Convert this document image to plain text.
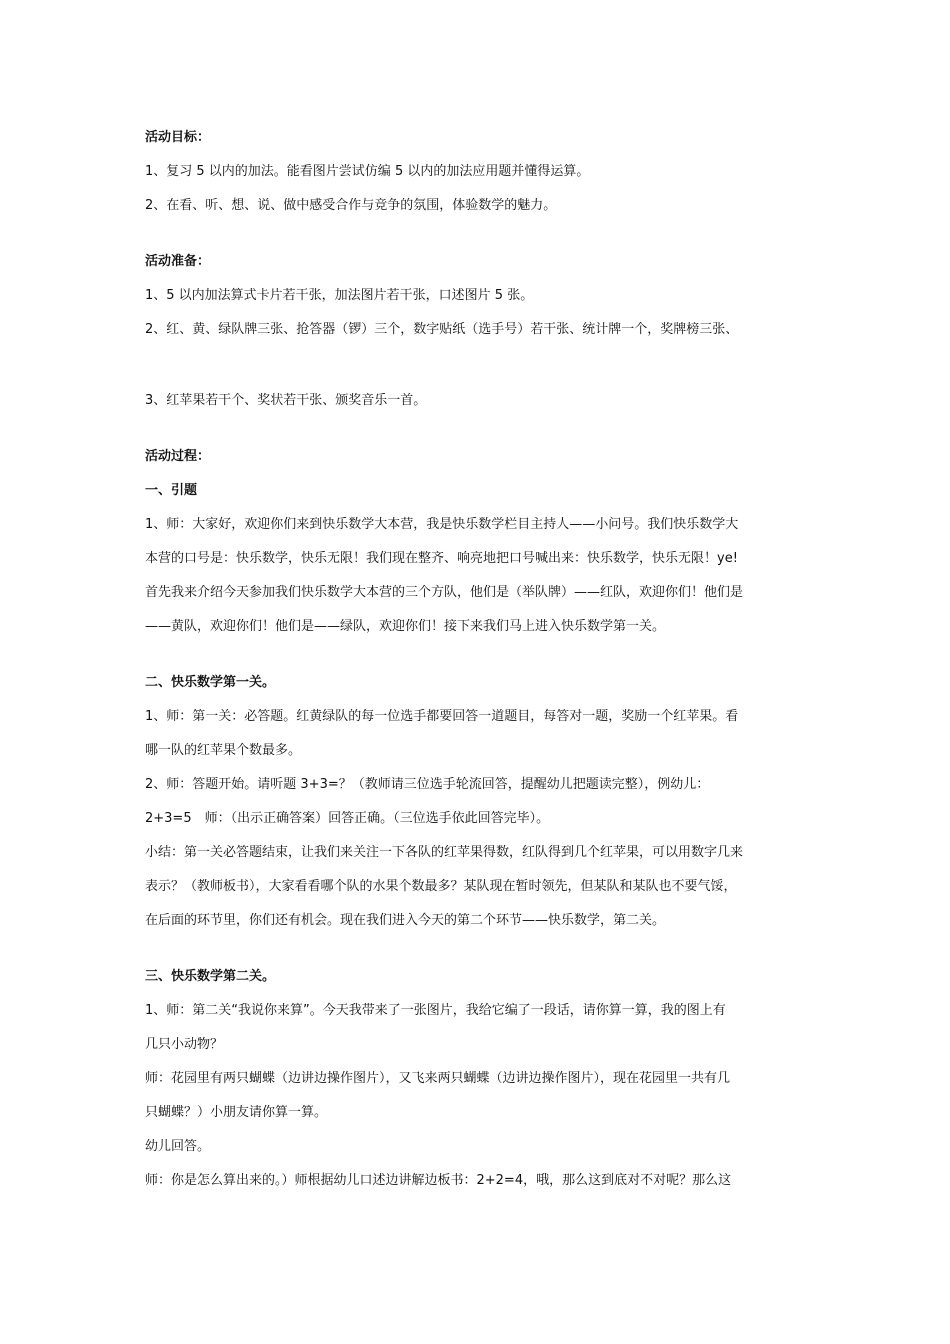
活动目标：
1、复习 5 以内的加法。能看图片尝试仿编 5 以内的加法应用题并懂得运算。
2、在看、听、想、说、做中感受合作与竞争的氛围，体验数学的魅力。
活动准备：
1、5 以内加法算式卡片若干张，加法图片若干张，口述图片 5 张。
2、红、黄、绿队牌三张、抢答器（锣）三个，数字贴纸（选手号）若干张、统计牌一个，奖牌榜三张、
3、红苹果若干个、奖状若干张、颁奖音乐一首。
活动过程：
一、引题
1、师：大家好，欢迎你们来到快乐数学大本营，我是快乐数学栏目主持人——小问号。我们快乐数学大
本营的口号是：快乐数学，快乐无限！我们现在整齐、响亮地把口号喊出来：快乐数学，快乐无限！ye!
首先我来介绍今天参加我们快乐数学大本营的三个方队，他们是（举队牌）——红队，欢迎你们！他们是
——黄队，欢迎你们！他们是——绿队，欢迎你们！接下来我们马上进入快乐数学第一关。
二、快乐数学第一关。
1、师：第一关：必答题。红黄绿队的每一位选手都要回答一道题目，每答对一题，奖励一个红苹果。看
哪一队的红苹果个数最多。
2、师：答题开始。请听题 3+3=？（教师请三位选手轮流回答，提醒幼儿把题读完整），例幼儿：
2+3=5　师：（出示正确答案）回答正确。（三位选手依此回答完毕）。
小结：第一关必答题结束，让我们来关注一下各队的红苹果得数，红队得到几个红苹果，可以用数字几来
表示？（教师板书），大家看看哪个队的水果个数最多？某队现在暂时领先，但某队和某队也不要气馁，
在后面的环节里，你们还有机会。现在我们进入今天的第二个环节——快乐数学，第二关。
三、快乐数学第二关。
1、师：第二关“我说你来算”。今天我带来了一张图片，我给它编了一段话，请你算一算，我的图上有
几只小动物？
师：花园里有两只蝴蝶（边讲边操作图片），又飞来两只蝴蝶（边讲边操作图片），现在花园里一共有几
只蝴蝶？）小朋友请你算一算。
幼儿回答。
师：你是怎么算出来的。）师根据幼儿口述边讲解边板书：2+2=4，哦，那么这到底对不对呢？那么这
